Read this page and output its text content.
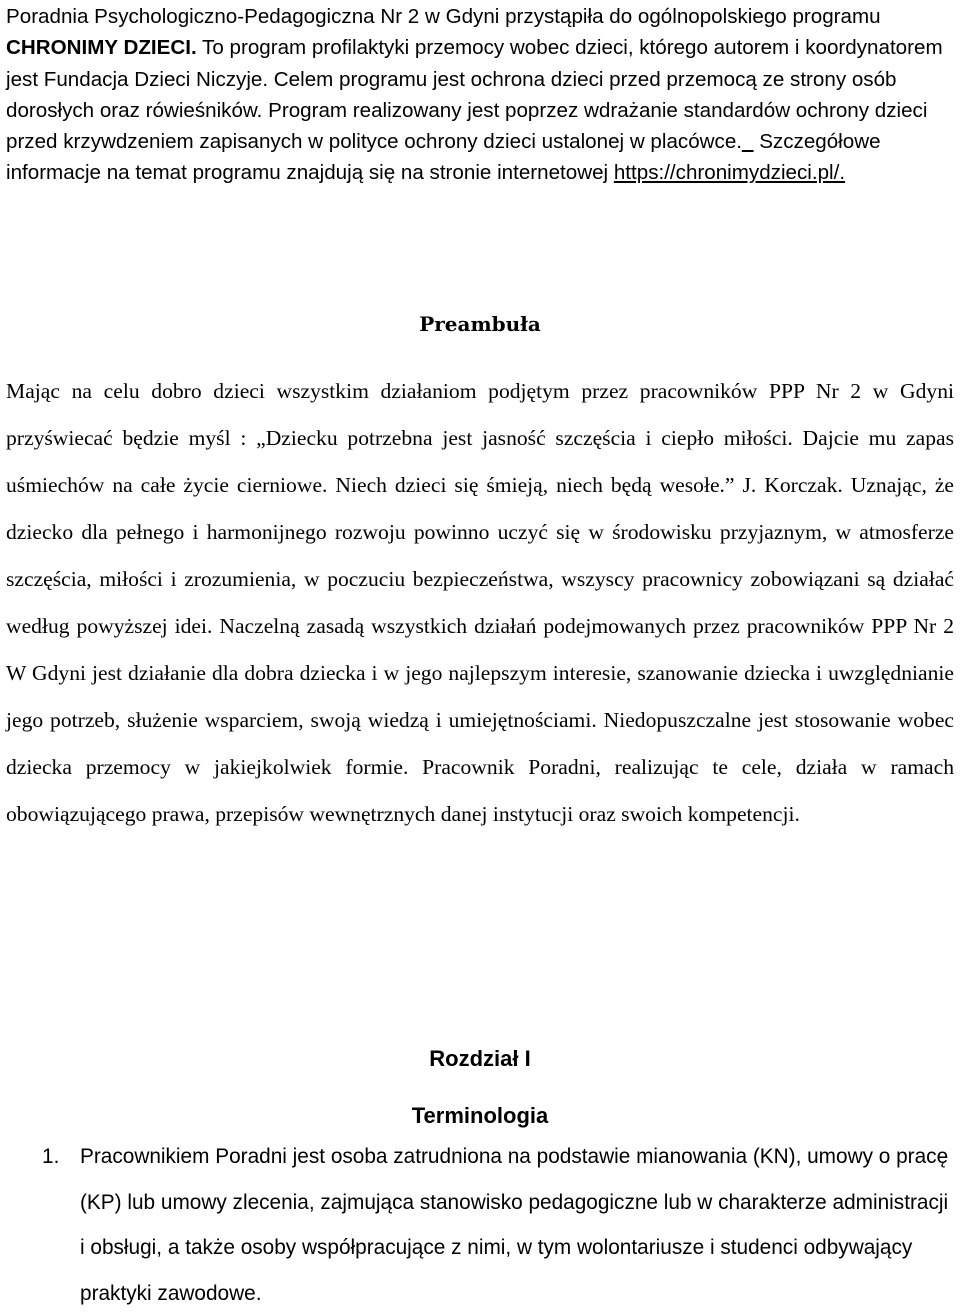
Poradnia Psychologiczno-Pedagogiczna Nr 2 w Gdyni przystąpiła do ogólnopolskiego programu CHRONIMY DZIECI. To program profilaktyki przemocy wobec dzieci, którego autorem i koordynatorem jest Fundacja Dzieci Niczyje. Celem programu jest ochrona dzieci przed przemocą ze strony osób dorosłych oraz rówieśników. Program realizowany jest poprzez wdrażanie standardów ochrony dzieci przed krzywdzeniem zapisanych w polityce ochrony dzieci ustalonej w placówce._ Szczegółowe informacje na temat programu znajdują się na stronie internetowej https://chronimydzieci.pl/.
Preambuła

Mając na celu dobro dzieci wszystkim działaniom podjętym przez pracowników PPP Nr 2 w Gdyni przyświecać będzie myśl : „Dziecku potrzebna jest jasność szczęścia i ciepło miłości. Dajcie mu zapas uśmiechów na całe życie cierniowe. Niech dzieci się śmieją, niech będą wesołe.” J. Korczak. Uznając, że dziecko dla pełnego i harmonijnego rozwoju powinno uczyć się w środowisku przyjaznym, w atmosferze szczęścia, miłości i zrozumienia, w poczuciu bezpieczeństwa, wszyscy pracownicy zobowiązani są działać według powyższej idei. Naczelną zasadą wszystkich działań podejmowanych przez pracowników PPP Nr 2 W Gdyni jest działanie dla dobra dziecka i w jego najlepszym interesie, szanowanie dziecka i uwzględnianie jego potrzeb, służenie wsparciem, swoją wiedzą i umiejętnościami. Niedopuszczalne jest stosowanie wobec dziecka przemocy w jakiejkolwiek formie. Pracownik Poradni, realizując te cele, działa w ramach obowiązującego prawa, przepisów wewnętrznych danej instytucji oraz swoich kompetencji.

Rozdział I
Terminologia
1. Pracownikiem Poradni jest osoba zatrudniona na podstawie mianowania (KN), umowy o pracę (KP) lub umowy zlecenia, zajmująca stanowisko pedagogiczne lub w charakterze administracji i obsługi, a także osoby współpracujące z nimi, w tym wolontariusze i studenci odbywający praktyki zawodowe.
